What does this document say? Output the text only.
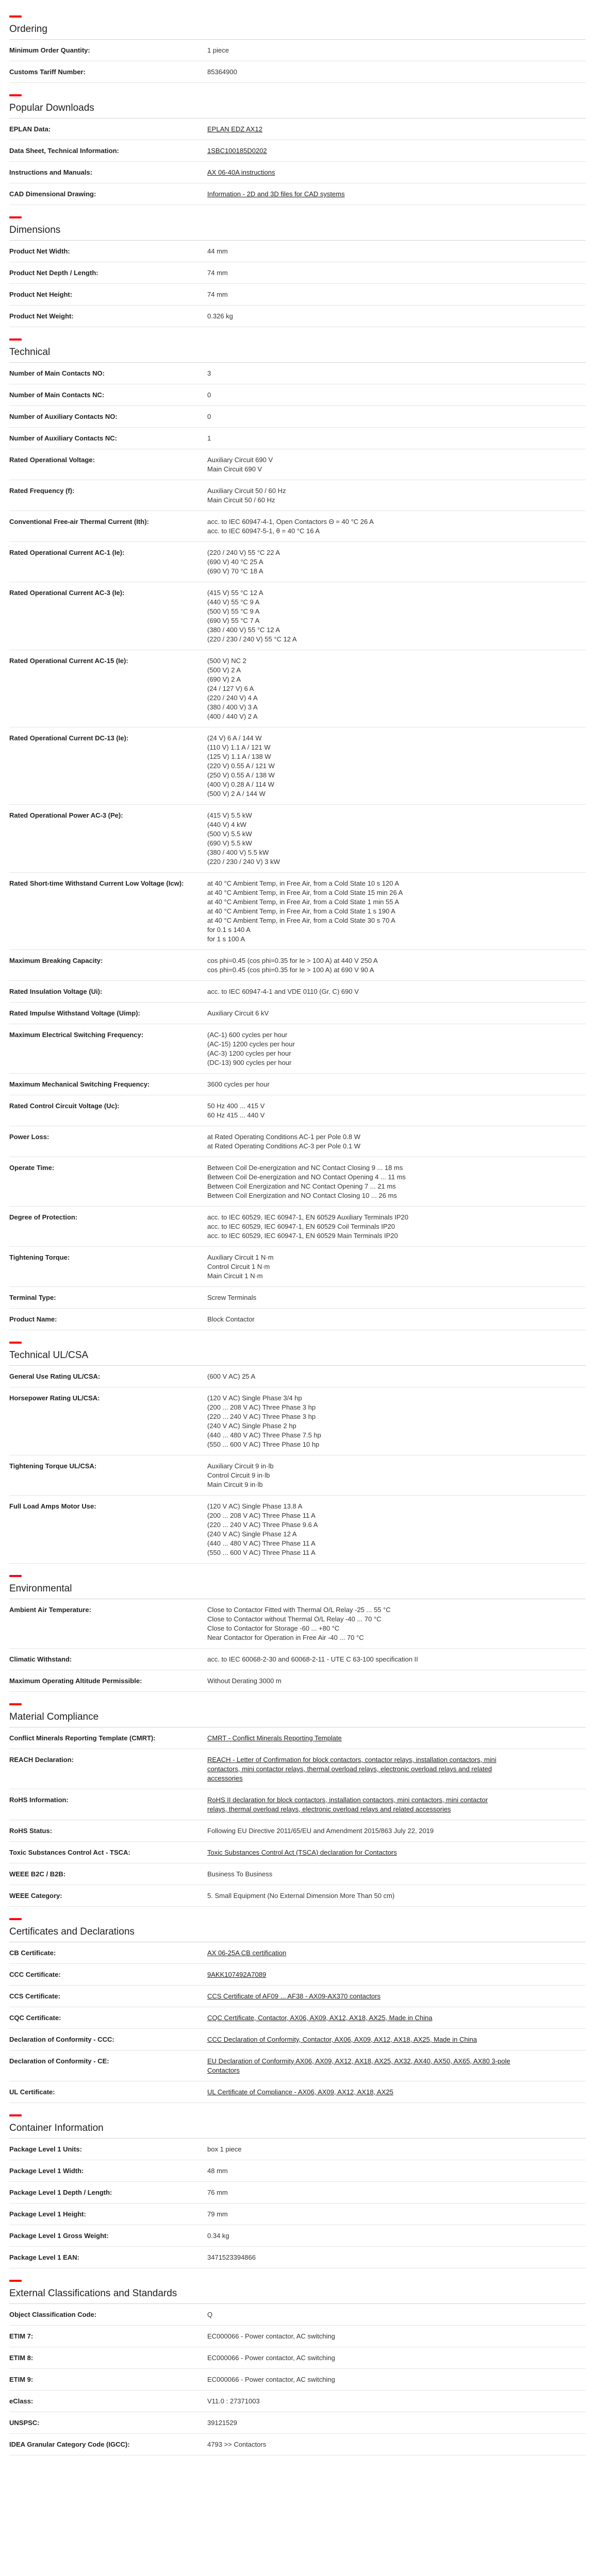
Ordering
Minimum Order Quantity:	1 piece
Customs Tariff Number:	85364900
Popular Downloads
EPLAN Data:	EPLAN EDZ AX12
Data Sheet, Technical Information:	1SBC100185D0202
Instructions and Manuals:	AX 06-40A instructions
CAD Dimensional Drawing:	Information - 2D and 3D files for CAD systems
Dimensions
Product Net Width:	44 mm
Product Net Depth / Length:	74 mm
Product Net Height:	74 mm
Product Net Weight:	0.326 kg
Technical
Number of Main Contacts NO:	3
Number of Main Contacts NC:	0
Number of Auxiliary Contacts NO:	0
Number of Auxiliary Contacts NC:	1
Rated Operational Voltage:	Auxiliary Circuit 690 V
Main Circuit 690 V
Rated Frequency (f):	Auxiliary Circuit 50 / 60 Hz
Main Circuit 50 / 60 Hz
Conventional Free-air Thermal Current (Ith):	acc. to IEC 60947-4-1, Open Contactors Θ = 40 °C 26 A
acc. to IEC 60947-5-1, θ = 40 °C 16 A
Rated Operational Current AC-1 (Ie):	(220 / 240 V) 55 °C 22 A
(690 V) 40 °C 25 A
(690 V) 70 °C 18 A
Rated Operational Current AC-3 (Ie):	(415 V) 55 °C 12 A
(440 V) 55 °C 9 A
(500 V) 55 °C 9 A
(690 V) 55 °C 7 A
(380 / 400 V) 55 °C 12 A
(220 / 230 / 240 V) 55 °C 12 A
Rated Operational Current AC-15 (Ie):	(500 V) NC 2
(500 V) 2 A
(690 V) 2 A
(24 / 127 V) 6 A
(220 / 240 V) 4 A
(380 / 400 V) 3 A
(400 / 440 V) 2 A
Rated Operational Current DC-13 (Ie):	(24 V) 6 A / 144 W
(110 V) 1.1 A / 121 W
(125 V) 1.1 A / 138 W
(220 V) 0.55 A / 121 W
(250 V) 0.55 A / 138 W
(400 V) 0.28 A / 114 W
(500 V) 2 A / 144 W
Rated Operational Power AC-3 (Pe):	(415 V) 5.5 kW
(440 V) 4 kW
(500 V) 5.5 kW
(690 V) 5.5 kW
(380 / 400 V) 5.5 kW
(220 / 230 / 240 V) 3 kW
Rated Short-time Withstand Current Low Voltage (Icw):	at 40 °C Ambient Temp, in Free Air, from a Cold State 10 s 120 A
at 40 °C Ambient Temp, in Free Air, from a Cold State 15 min 26 A
at 40 °C Ambient Temp, in Free Air, from a Cold State 1 min 55 A
at 40 °C Ambient Temp, in Free Air, from a Cold State 1 s 190 A
at 40 °C Ambient Temp, in Free Air, from a Cold State 30 s 70 A
for 0.1 s 140 A
for 1 s 100 A
Maximum Breaking Capacity:	cos phi=0.45 (cos phi=0.35 for Ie > 100 A) at 440 V 250 A
cos phi=0.45 (cos phi=0.35 for Ie > 100 A) at 690 V 90 A
Rated Insulation Voltage (Ui):	acc. to IEC 60947-4-1 and VDE 0110 (Gr. C) 690 V
Rated Impulse Withstand Voltage (Uimp):	Auxiliary Circuit 6 kV
Maximum Electrical Switching Frequency:	(AC-1) 600 cycles per hour
(AC-15) 1200 cycles per hour
(AC-3) 1200 cycles per hour
(DC-13) 900 cycles per hour
Maximum Mechanical Switching Frequency:	3600 cycles per hour
Rated Control Circuit Voltage (Uc):	50 Hz 400 ... 415 V
60 Hz 415 ... 440 V
Power Loss:	at Rated Operating Conditions AC-1 per Pole 0.8 W
at Rated Operating Conditions AC-3 per Pole 0.1 W
Operate Time:	Between Coil De-energization and NC Contact Closing 9 ... 18 ms
Between Coil De-energization and NO Contact Opening 4 ... 11 ms
Between Coil Energization and NC Contact Opening 7 ... 21 ms
Between Coil Energization and NO Contact Closing 10 ... 26 ms
Degree of Protection:	acc. to IEC 60529, IEC 60947-1, EN 60529 Auxiliary Terminals IP20
acc. to IEC 60529, IEC 60947-1, EN 60529 Coil Terminals IP20
acc. to IEC 60529, IEC 60947-1, EN 60529 Main Terminals IP20
Tightening Torque:	Auxiliary Circuit 1 N·m
Control Circuit 1 N·m
Main Circuit 1 N·m
Terminal Type:	Screw Terminals
Product Name:	Block Contactor
Technical UL/CSA
General Use Rating UL/CSA:	(600 V AC) 25 A
Horsepower Rating UL/CSA:	(120 V AC) Single Phase 3/4 hp
(200 ... 208 V AC) Three Phase 3 hp
(220 ... 240 V AC) Three Phase 3 hp
(240 V AC) Single Phase 2 hp
(440 ... 480 V AC) Three Phase 7.5 hp
(550 ... 600 V AC) Three Phase 10 hp
Tightening Torque UL/CSA:	Auxiliary Circuit 9 in·lb
Control Circuit 9 in·lb
Main Circuit 9 in·lb
Full Load Amps Motor Use:	(120 V AC) Single Phase 13.8 A
(200 ... 208 V AC) Three Phase 11 A
(220 ... 240 V AC) Three Phase 9.6 A
(240 V AC) Single Phase 12 A
(440 ... 480 V AC) Three Phase 11 A
(550 ... 600 V AC) Three Phase 11 A
Environmental
Ambient Air Temperature:	Close to Contactor Fitted with Thermal O/L Relay -25 ... 55 °C
Close to Contactor without Thermal O/L Relay -40 ... 70 °C
Close to Contactor for Storage -60 ... +80 °C
Near Contactor for Operation in Free Air -40 ... 70 °C
Climatic Withstand:	acc. to IEC 60068-2-30 and 60068-2-11 - UTE C 63-100 specification II
Maximum Operating Altitude Permissible:	Without Derating 3000 m
Material Compliance
Conflict Minerals Reporting Template (CMRT):	CMRT - Conflict Minerals Reporting Template
REACH Declaration:	REACH - Letter of Confirmation for block contactors, contactor relays, installation contactors, mini
contactors, mini contactor relays, thermal overload relays, electronic overload relays and related
accessories
RoHS Information:	RoHS II declaration for block contactors, installation contactors, mini contactors, mini contactor
relays, thermal overload relays, electronic overload relays and related accessories
RoHS Status:	Following EU Directive 2011/65/EU and Amendment 2015/863 July 22, 2019
Toxic Substances Control Act - TSCA:	Toxic Substances Control Act (TSCA) declaration for Contactors
WEEE B2C / B2B:	Business To Business
WEEE Category:	5. Small Equipment (No External Dimension More Than 50 cm)
Certificates and Declarations
CB Certificate:	AX 06-25A CB certification
CCC Certificate:	9AKK107492A7089
CCS Certificate:	CCS Certificate of AF09 ... AF38 - AX09-AX370 contactors
CQC Certificate:	CQC Certificate, Contactor, AX06, AX09, AX12, AX18, AX25, Made in China
Declaration of Conformity - CCC:	CCC Declaration of Conformity, Contactor, AX06, AX09, AX12, AX18, AX25, Made in China
Declaration of Conformity - CE:	EU Declaration of Conformity AX06, AX09, AX12, AX18, AX25, AX32, AX40, AX50, AX65, AX80 3-pole
Contactors
UL Certificate:	UL Certificate of Compliance - AX06, AX09, AX12, AX18, AX25
Container Information
Package Level 1 Units:	box 1 piece
Package Level 1 Width:	48 mm
Package Level 1 Depth / Length:	76 mm
Package Level 1 Height:	79 mm
Package Level 1 Gross Weight:	0.34 kg
Package Level 1 EAN:	3471523394866
External Classifications and Standards
Object Classification Code:	Q
ETIM 7:	EC000066 - Power contactor, AC switching
ETIM 8:	EC000066 - Power contactor, AC switching
ETIM 9:	EC000066 - Power contactor, AC switching
eClass:	V11.0 : 27371003
UNSPSC:	39121529
IDEA Granular Category Code (IGCC):	4793 >> Contactors
